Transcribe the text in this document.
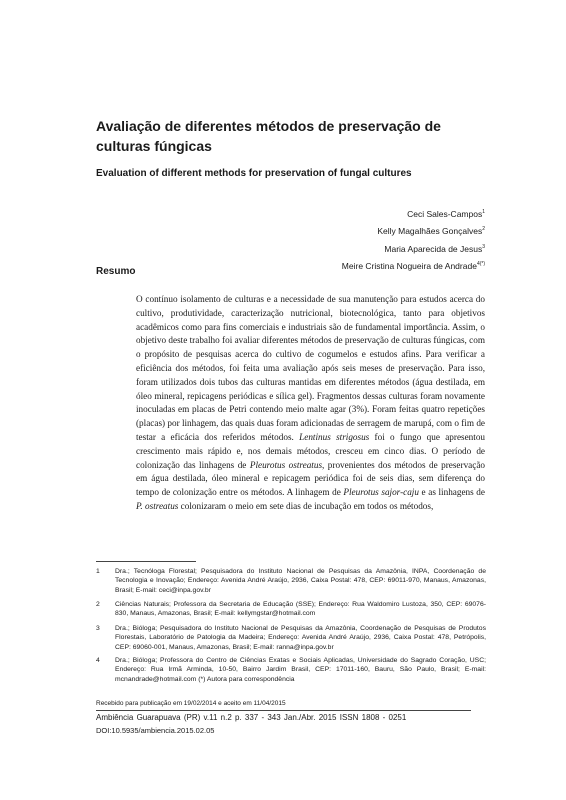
Avaliação de diferentes métodos de preservação de culturas fúngicas
Evaluation of different methods for preservation of fungal cultures
Ceci Sales-Campos$^1$
Kelly Magalhães Gonçalves$^2$
Maria Aparecida de Jesus$^3$
Meire Cristina Nogueira de Andrade$^{4(*)}$
Resumo

O contínuo isolamento de culturas e a necessidade de sua manutenção para estudos acerca do cultivo, produtividade, caracterização nutricional, biotecnológica, tanto para objetivos acadêmicos como para fins comerciais e industriais são de fundamental importância. Assim, o objetivo deste trabalho foi avaliar diferentes métodos de preservação de culturas fúngicas, com o propósito de pesquisas acerca do cultivo de cogumelos e estudos afins. Para verificar a eficiência dos métodos, foi feita uma avaliação após seis meses de preservação. Para isso, foram utilizados dois tubos das culturas mantidas em diferentes métodos (água destilada, em óleo mineral, repicagens periódicas e sílica gel). Fragmentos dessas culturas foram novamente inoculadas em placas de Petri contendo meio malte agar (3%). Foram feitas quatro repetições (placas) por linhagem, das quais duas foram adicionadas de serragem de marupá, com o fim de testar a eficácia dos referidos métodos. Lentinus strigosus foi o fungo que apresentou crescimento mais rápido e, nos demais métodos, cresceu em cinco dias. O período de colonização das linhagens de Pleurotus ostreatus, provenientes dos métodos de preservação em água destilada, óleo mineral e repicagem periódica foi de seis dias, sem diferença do tempo de colonização entre os métodos. A linhagem de Pleurotus sajor-caju e as linhagens de P. ostreatus colonizaram o meio em sete dias de incubação em todos os métodos,

1 Dra.; Tecnóloga Florestal; Pesquisadora do Instituto Nacional de Pesquisas da Amazônia, INPA, Coordenação de Tecnologia e Inovação; Endereço: Avenida André Araújo, 2936, Caixa Postal: 478, CEP: 69011-970, Manaus, Amazonas, Brasil; E-mail: ceci@inpa.gov.br
2 Ciências Naturais; Professora da Secretaria de Educação (SSE); Endereço: Rua Waldomiro Lustoza, 350, CEP: 69076-830, Manaus, Amazonas, Brasil; E-mail: kellymgstar@hotmail.com
3 Dra.; Bióloga; Pesquisadora do Instituto Nacional de Pesquisas da Amazônia, Coordenação de Pesquisas de Produtos Florestais, Laboratório de Patologia da Madeira; Endereço: Avenida André Araújo, 2936, Caixa Postal: 478, Petrópolis, CEP: 69060-001, Manaus, Amazonas, Brasil; E-mail: ranna@inpa.gov.br
4 Dra.; Bióloga; Professora do Centro de Ciências Exatas e Sociais Aplicadas, Universidade do Sagrado Coração, USC; Endereço: Rua Irmã Arminda, 10-50, Bairro Jardim Brasil, CEP: 17011-160, Bauru, São Paulo, Brasil; E-mail: mcnandrade@hotmail.com (*) Autora para correspondência
Recebido para publicação em 19/02/2014 e aceito em 11/04/2015
Ambiência Guarapuava (PR) v.11 n.2 p. 337 - 343 Jan./Abr. 2015 ISSN 1808 - 0251
DOI:10.5935/ambiencia.2015.02.05
